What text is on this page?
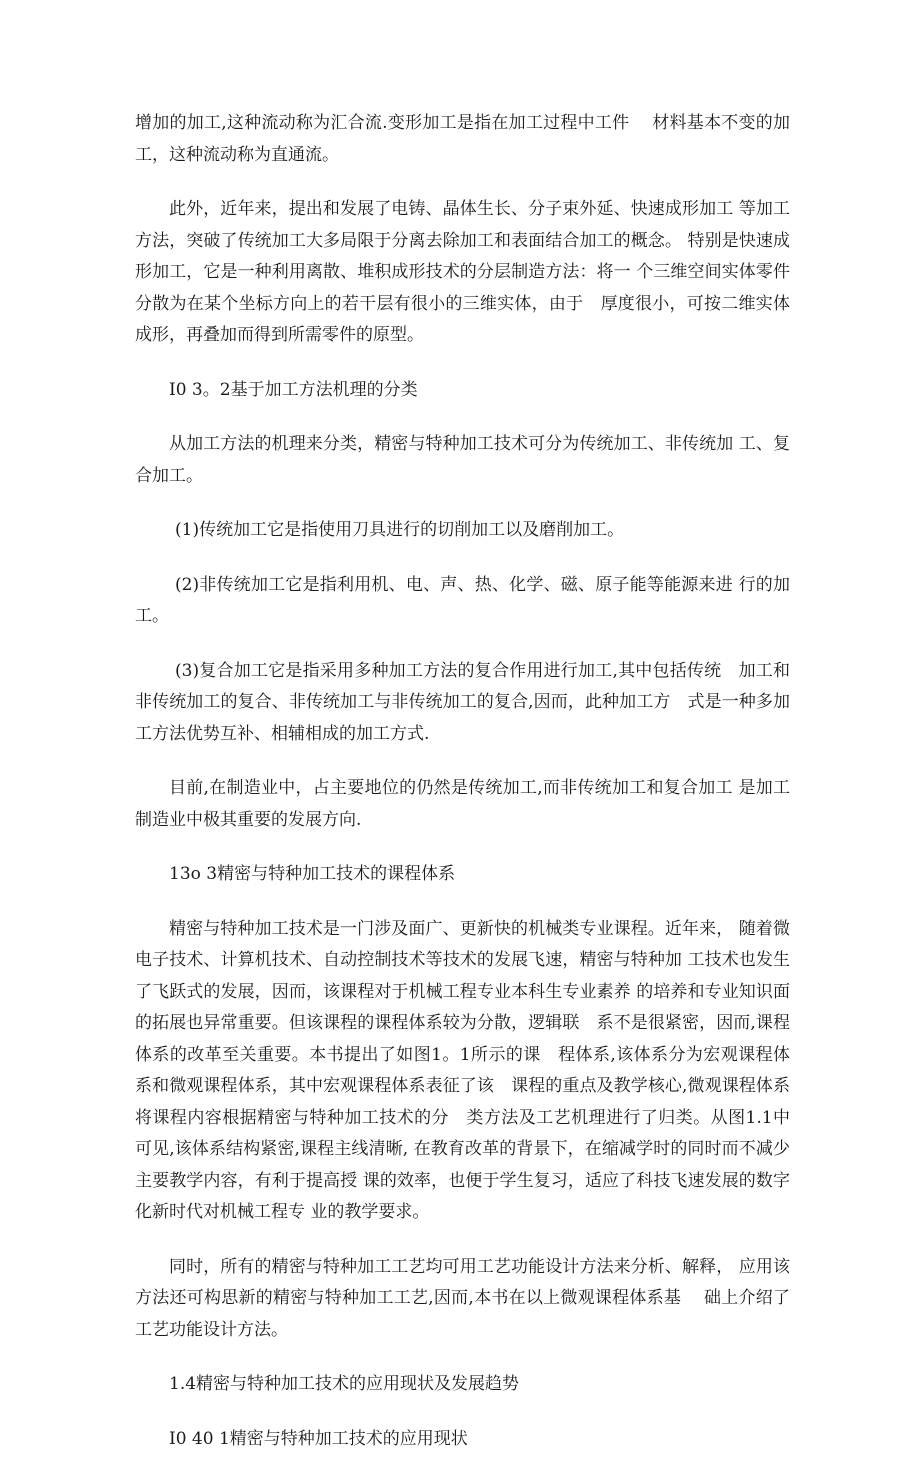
增加的加工,这种流动称为汇合流.变形加工是指在加工过程中工件　 材料基本不变的加工，这种流动称为直通流。

此外，近年来，提出和发展了电铸、晶体生长、分子束外延、快速成形加工 等加工方法，突破了传统加工大多局限于分离去除加工和表面结合加工的概念。 特别是快速成形加工，它是一种利用离散、堆积成形技术的分层制造方法：将一 个三维空间实体零件分散为在某个坐标方向上的若干层有很小的三维实体，由于　厚度很小，可按二维实体成形，再叠加而得到所需零件的原型。

I0 3。2基于加工方法机理的分类

从加工方法的机理来分类，精密与特种加工技术可分为传统加工、非传统加 工、复合加工。

(1)传统加工它是指使用刀具进行的切削加工以及磨削加工。

(2)非传统加工它是指利用机、电、声、热、化学、磁、原子能等能源来进 行的加工。

(3)复合加工它是指采用多种加工方法的复合作用进行加工,其中包括传统　加工和非传统加工的复合、非传统加工与非传统加工的复合,因而，此种加工方　式是一种多加工方法优势互补、相辅相成的加工方式.

目前,在制造业中，占主要地位的仍然是传统加工,而非传统加工和复合加工 是加工制造业中极其重要的发展方向.

13o 3精密与特种加工技术的课程体系

精密与特种加工技术是一门涉及面广、更新快的机械类专业课程。近年来， 随着微电子技术、计算机技术、自动控制技术等技术的发展飞速，精密与特种加 工技术也发生了飞跃式的发展，因而，该课程对于机械工程专业本科生专业素养 的培养和专业知识面的拓展也异常重要。但该课程的课程体系较为分散，逻辑联　系不是很紧密，因而,课程体系的改革至关重要。本书提出了如图1。1所示的课　程体系,该体系分为宏观课程体系和微观课程体系，其中宏观课程体系表征了该　课程的重点及教学核心,微观课程体系将课程内容根据精密与特种加工技术的分　类方法及工艺机理进行了归类。从图1.1中可见,该体系结构紧密,课程主线清晰, 在教育改革的背景下，在缩减学时的同时而不减少主要教学内容，有利于提高授 课的效率，也便于学生复习，适应了科技飞速发展的数字化新时代对机械工程专 业的教学要求。

同时，所有的精密与特种加工工艺均可用工艺功能设计方法来分析、解释， 应用该方法还可构思新的精密与特种加工工艺,因而,本书在以上微观课程体系基　 础上介绍了工艺功能设计方法。

1.4精密与特种加工技术的应用现状及发展趋势

I0 40 1精密与特种加工技术的应用现状
